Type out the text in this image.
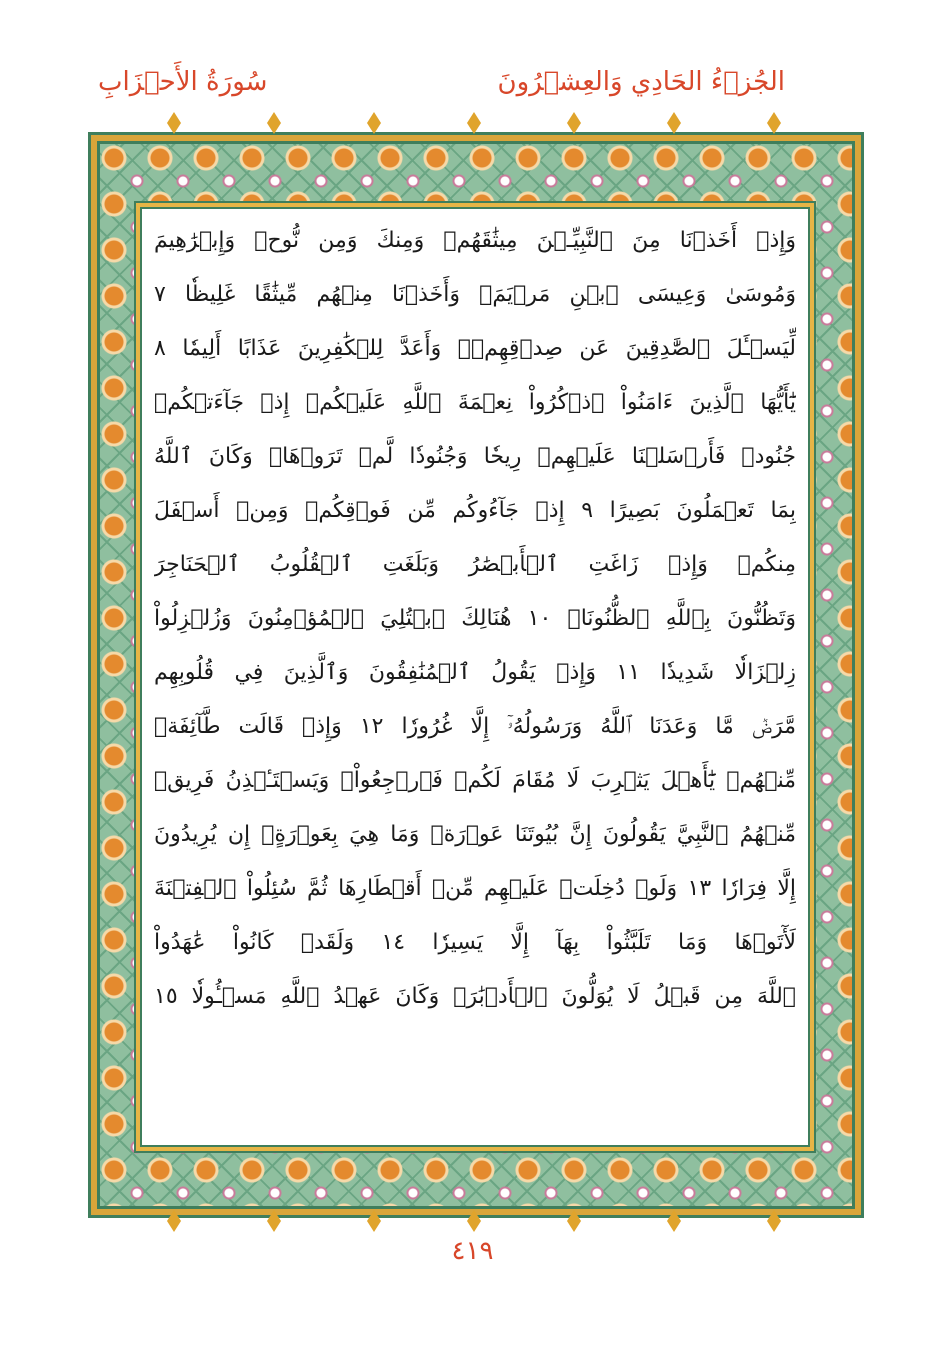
الجُزۡءُ الحَادِي وَالعِشۡرُونَ
سُورَةُ الأَحۡزَابِ
وَإِذۡ أَخَذۡنَا مِنَ ٱلنَّبِيِّـۧنَ مِيثَٰقَهُمۡ وَمِنكَ وَمِن نُّوحٖ وَإِبۡرَٰهِيمَ
وَمُوسَىٰ وَعِيسَى ٱبۡنِ مَرۡيَمَۖ وَأَخَذۡنَا مِنۡهُم مِّيثَٰقًا غَلِيظٗا ٧
لِّيَسۡـَٔلَ ٱلصَّٰدِقِينَ عَن صِدۡقِهِمۡۚ وَأَعَدَّ لِلۡكَٰفِرِينَ عَذَابًا أَلِيمٗا ٨
يَٰٓأَيُّهَا ٱلَّذِينَ ءَامَنُواْ ٱذۡكُرُواْ نِعۡمَةَ ٱللَّهِ عَلَيۡكُمۡ إِذۡ جَآءَتۡكُمۡ
جُنُودٞ فَأَرۡسَلۡنَا عَلَيۡهِمۡ رِيحٗا وَجُنُودٗا لَّمۡ تَرَوۡهَاۚ وَكَانَ ٱللَّهُ
بِمَا تَعۡمَلُونَ بَصِيرًا ٩ إِذۡ جَآءُوكُم مِّن فَوۡقِكُمۡ وَمِنۡ أَسۡفَلَ
مِنكُمۡ وَإِذۡ زَاغَتِ ٱلۡأَبۡصَٰرُ وَبَلَغَتِ ٱلۡقُلُوبُ ٱلۡحَنَاجِرَ
وَتَظُنُّونَ بِٱللَّهِ ٱلظُّنُونَا۠ ١٠ هُنَالِكَ ٱبۡتُلِيَ ٱلۡمُؤۡمِنُونَ وَزُلۡزِلُواْ
زِلۡزَالٗا شَدِيدٗا ١١ وَإِذۡ يَقُولُ ٱلۡمُنَٰفِقُونَ وَٱلَّذِينَ فِي قُلُوبِهِم
مَّرَضٞ مَّا وَعَدَنَا ٱللَّهُ وَرَسُولُهُۥٓ إِلَّا غُرُورٗا ١٢ وَإِذۡ قَالَت طَّآئِفَةٞ
مِّنۡهُمۡ يَٰٓأَهۡلَ يَثۡرِبَ لَا مُقَامَ لَكُمۡ فَٱرۡجِعُواْۚ وَيَسۡتَـٔۡذِنُ فَرِيقٞ
مِّنۡهُمُ ٱلنَّبِيَّ يَقُولُونَ إِنَّ بُيُوتَنَا عَوۡرَةٞ وَمَا هِيَ بِعَوۡرَةٍۖ إِن يُرِيدُونَ
إِلَّا فِرَارٗا ١٣ وَلَوۡ دُخِلَتۡ عَلَيۡهِم مِّنۡ أَقۡطَارِهَا ثُمَّ سُئِلُواْ ٱلۡفِتۡنَةَ
لَأٓتَوۡهَا وَمَا تَلَبَّثُواْ بِهَآ إِلَّا يَسِيرٗا ١٤ وَلَقَدۡ كَانُواْ عَٰهَدُواْ
ٱللَّهَ مِن قَبۡلُ لَا يُوَلُّونَ ٱلۡأَدۡبَٰرَۚ وَكَانَ عَهۡدُ ٱللَّهِ مَسۡـُٔولٗا ١٥
٤١٩
